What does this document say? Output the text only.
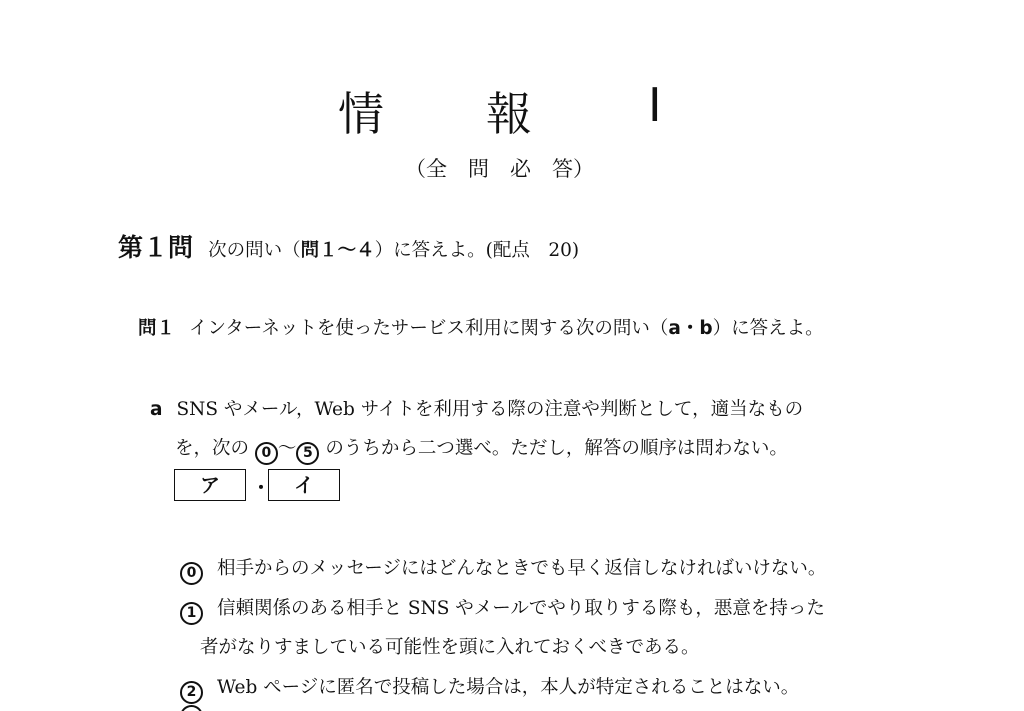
情 報	I
（全　問　必　答）
第１問 次の問い（問１～４）に答えよ。(配点　20)
問１ インターネットを使ったサービス利用に関する次の問い（a・b）に答えよ。
a SNS やメール，Web サイトを利用する際の注意や判断として，適当なもの
を，次の 0 ～ 5 のうちから二つ選べ。ただし，解答の順序は問わない。
ア	・	イ
0 相手からのメッセージにはどんなときでも早く返信しなければいけない。
1 信頼関係のある相手と SNS やメールでやり取りする際も，悪意を持った
者がなりすましている可能性を頭に入れておくべきである。
2 Web ページに匿名で投稿した場合は，本人が特定されることはない。
